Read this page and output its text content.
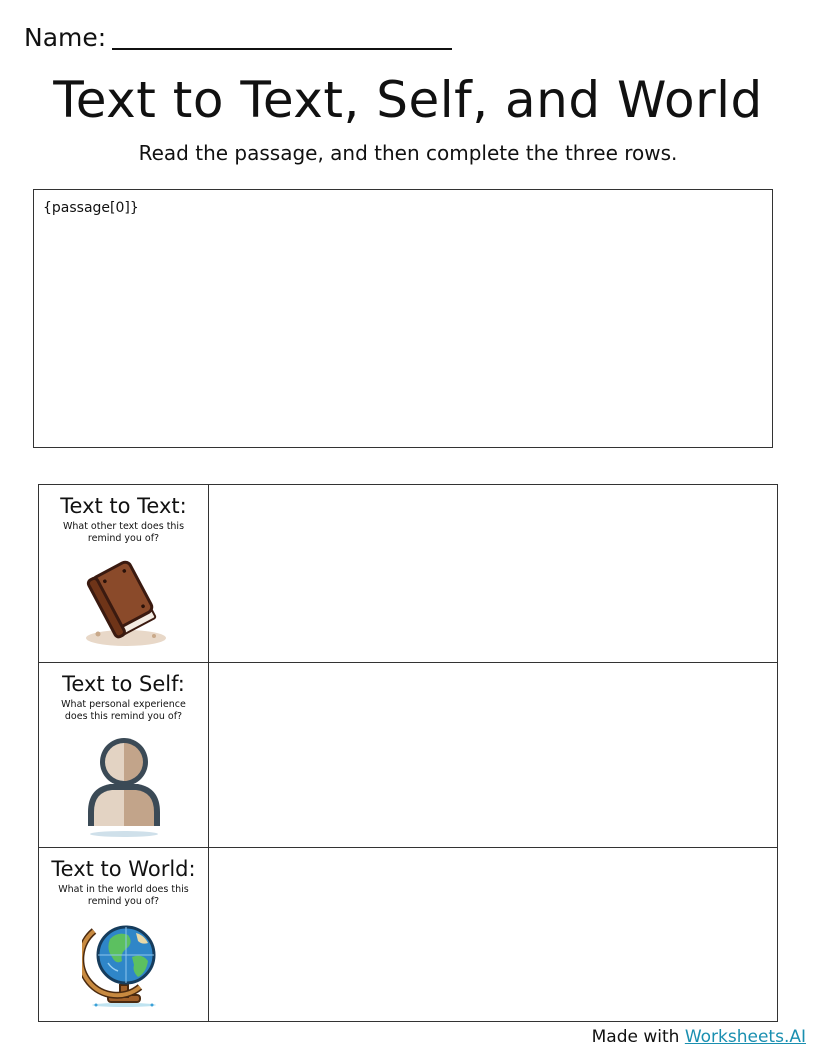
Name:
Text to Text, Self, and World
Read the passage, and then complete the three rows.
{passage[0]}
Text to Text:
What other text does this remind you of?
Text to Self:
What personal experience does this remind you of?
Text to World:
What in the world does this remind you of?
Made with Worksheets.AI
